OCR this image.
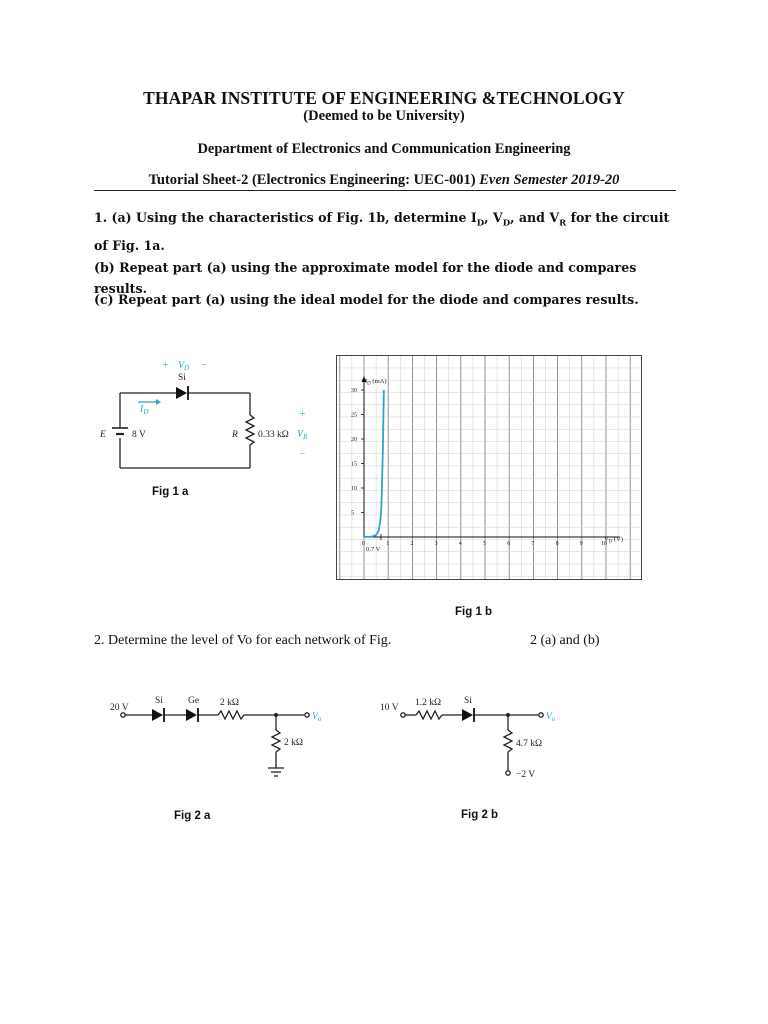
THAPAR INSTITUTE OF ENGINEERING &TECHNOLOGY
(Deemed to be University)
Department of Electronics and Communication Engineering
Tutorial Sheet-2 (Electronics Engineering: UEC-001) Even Semester 2019-20
1. (a) Using the characteristics of Fig. 1b, determine $I_D$, $V_D$, and $V_R$ for the circuit of Fig. 1a.
(b) Repeat part (a) using the approximate model for the diode and compares results.
(c) Repeat part (a) using the ideal model for the diode and compares results.
+ $V_D$ −
$I_D$	+
−
Si
E	8 V	R 0.33 kΩ $V_R$
Fig 1 a
0	1	2	3	4	5	6	7	8	9	10
5
10
15
20
25
30
$I_D$ (mA)
$V_D$ (V)
0.7 V
Fig 1 b
2. Determine the level of Vo for each network of Fig.	2 (a) and (b)
20 V
Si	Ge 2 kΩ
2 kΩ
$V_o$
Fig 2 a
10 V 1.2 kΩ Si
4.7 kΩ
−2 V
$V_o$
Fig 2 b
